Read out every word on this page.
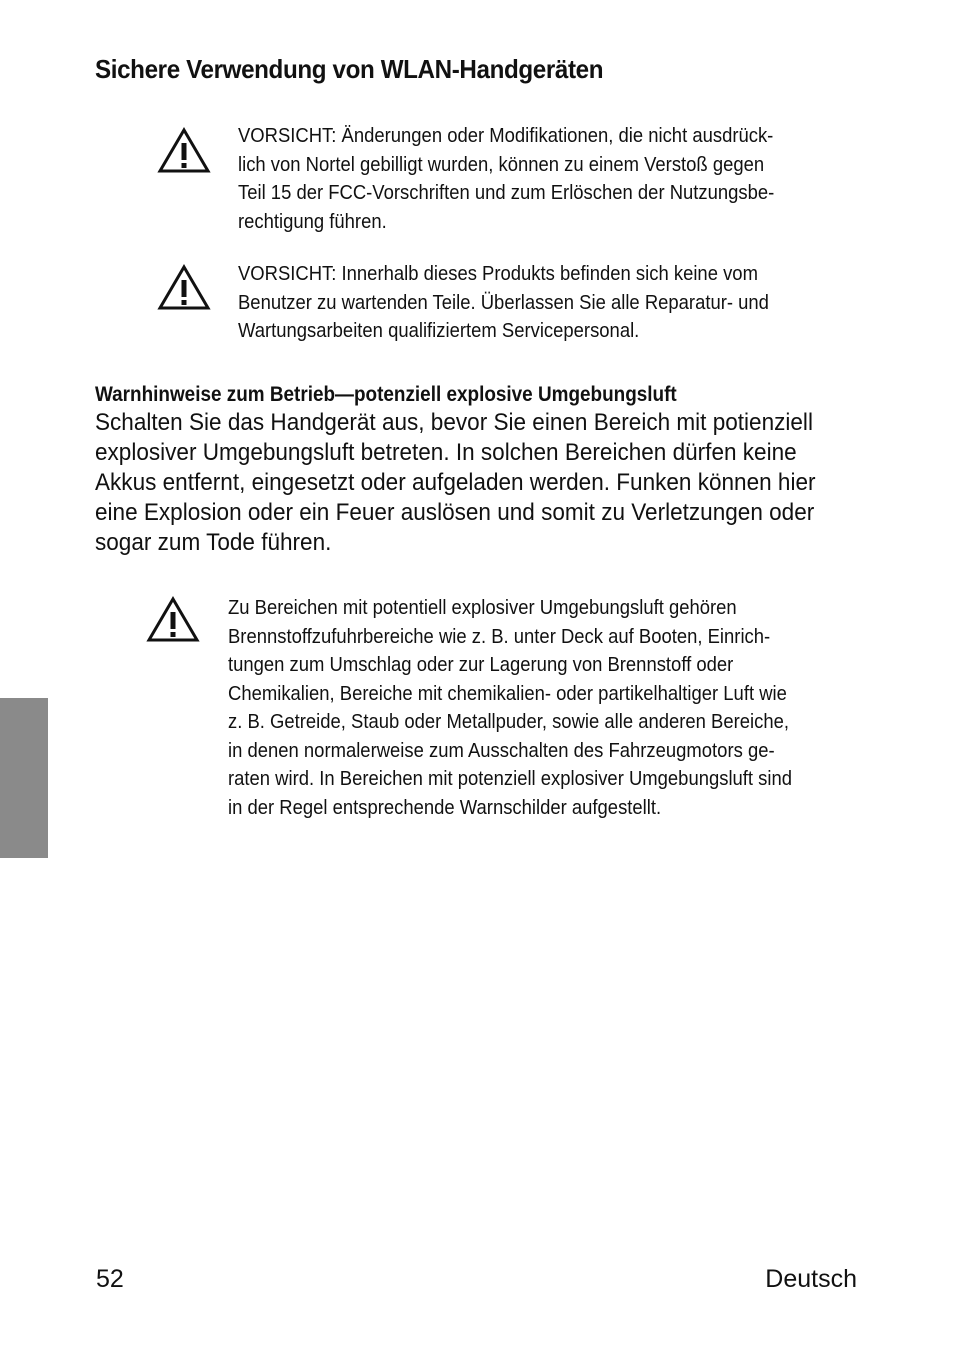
Sichere Verwendung von WLAN-Handgeräten
VORSICHT: Änderungen oder Modifikationen, die nicht ausdrück-
lich von Nortel gebilligt wurden, können zu einem Verstoß gegen
Teil 15 der FCC-Vorschriften und zum Erlöschen der Nutzungsbe-
rechtigung führen.
VORSICHT: Innerhalb dieses Produkts befinden sich keine vom
Benutzer zu wartenden Teile. Überlassen Sie alle Reparatur- und
Wartungsarbeiten qualifiziertem Servicepersonal.
Warnhinweise zum Betrieb—potenziell explosive Umgebungsluft
Schalten Sie das Handgerät aus, bevor Sie einen Bereich mit potienziell
explosiver Umgebungsluft betreten. In solchen Bereichen dürfen keine
Akkus entfernt, eingesetzt oder aufgeladen werden. Funken können hier
eine Explosion oder ein Feuer auslösen und somit zu Verletzungen oder
sogar zum Tode führen.
Zu Bereichen mit potentiell explosiver Umgebungsluft gehören
Brennstoffzufuhrbereiche wie z. B. unter Deck auf Booten, Einrich-
tungen zum Umschlag oder zur Lagerung von Brennstoff oder
Chemikalien, Bereiche mit chemikalien- oder partikelhaltiger Luft wie
z. B. Getreide, Staub oder Metallpuder, sowie alle anderen Bereiche,
in denen normalerweise zum Ausschalten des Fahrzeugmotors ge-
raten wird. In Bereichen mit potenziell explosiver Umgebungsluft sind
in der Regel entsprechende Warnschilder aufgestellt.
52	Deutsch
